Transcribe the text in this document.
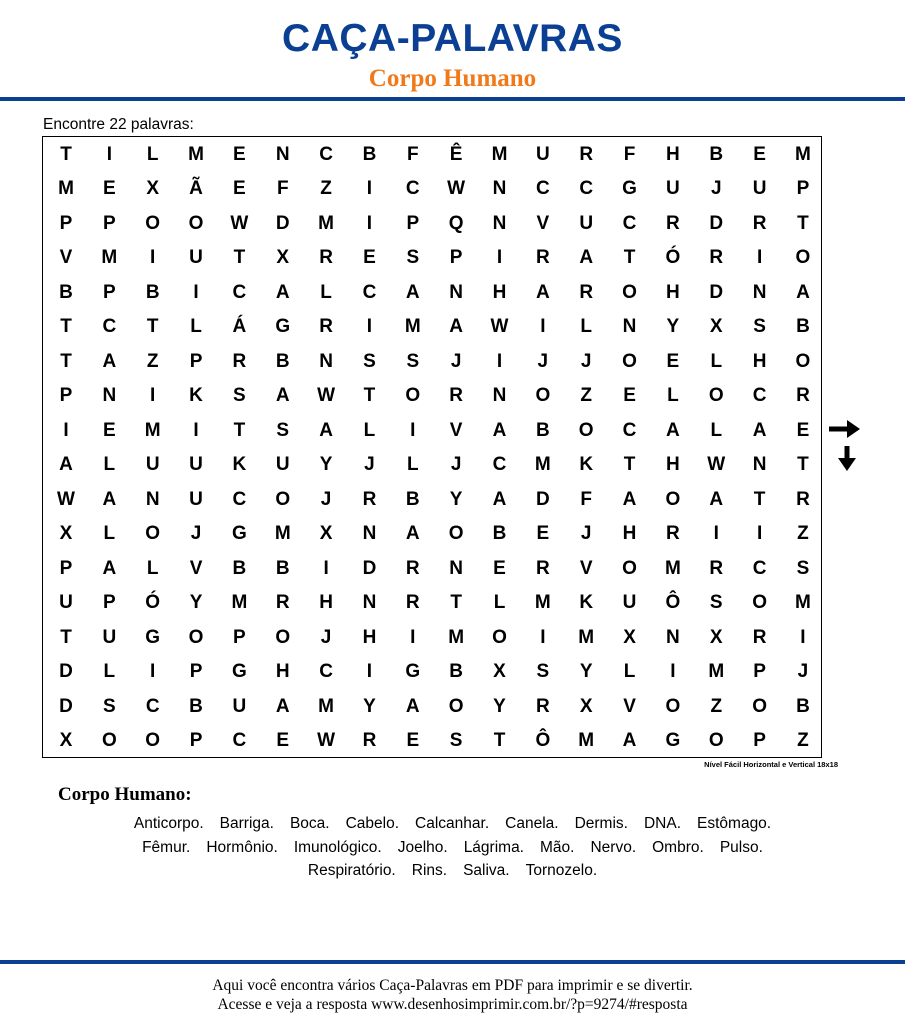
CAÇA-PALAVRAS
Corpo Humano
Encontre 22 palavras:
T	I	L	M	E	N	C	B	F	Ê	M	U	R	F	H	B	E	M
M	E	X	Ã	E	F	Z	I	C	W	N	C	C	G	U	J	U	P
P	P	O	O	W	D	M	I	P	Q	N	V	U	C	R	D	R	T
V	M	I	U	T	X	R	E	S	P	I	R	A	T	Ó	R	I	O
B	P	B	I	C	A	L	C	A	N	H	A	R	O	H	D	N	A
T	C	T	L	Á	G	R	I	M	A	W	I	L	N	Y	X	S	B
T	A	Z	P	R	B	N	S	S	J	I	J	J	O	E	L	H	O
P	N	I	K	S	A	W	T	O	R	N	O	Z	E	L	O	C	R
I	E	M	I	T	S	A	L	I	V	A	B	O	C	A	L	A	E
A	L	U	U	K	U	Y	J	L	J	C	M	K	T	H	W	N	T
W	A	N	U	C	O	J	R	B	Y	A	D	F	A	O	A	T	R
X	L	O	J	G	M	X	N	A	O	B	E	J	H	R	I	I	Z
P	A	L	V	B	B	I	D	R	N	E	R	V	O	M	R	C	S
U	P	Ó	Y	M	R	H	N	R	T	L	M	K	U	Ô	S	O	M
T	U	G	O	P	O	J	H	I	M	O	I	M	X	N	X	R	I
D	L	I	P	G	H	C	I	G	B	X	S	Y	L	I	M	P	J
D	S	C	B	U	A	M	Y	A	O	Y	R	X	V	O	Z	O	B
X	O	O	P	C	E	W	R	E	S	T	Ô	M	A	G	O	P	Z
Nível Fácil Horizontal e Vertical 18x18
Corpo Humano:
Anticorpo. Barriga. Boca. Cabelo. Calcanhar. Canela. Dermis. DNA. Estômago.
Fêmur. Hormônio. Imunológico. Joelho. Lágrima. Mão. Nervo. Ombro. Pulso.
Respiratório. Rins. Saliva. Tornozelo.
Aqui você encontra vários Caça-Palavras em PDF para imprimir e se divertir.
Acesse e veja a resposta www.desenhosimprimir.com.br/?p=9274/#resposta
